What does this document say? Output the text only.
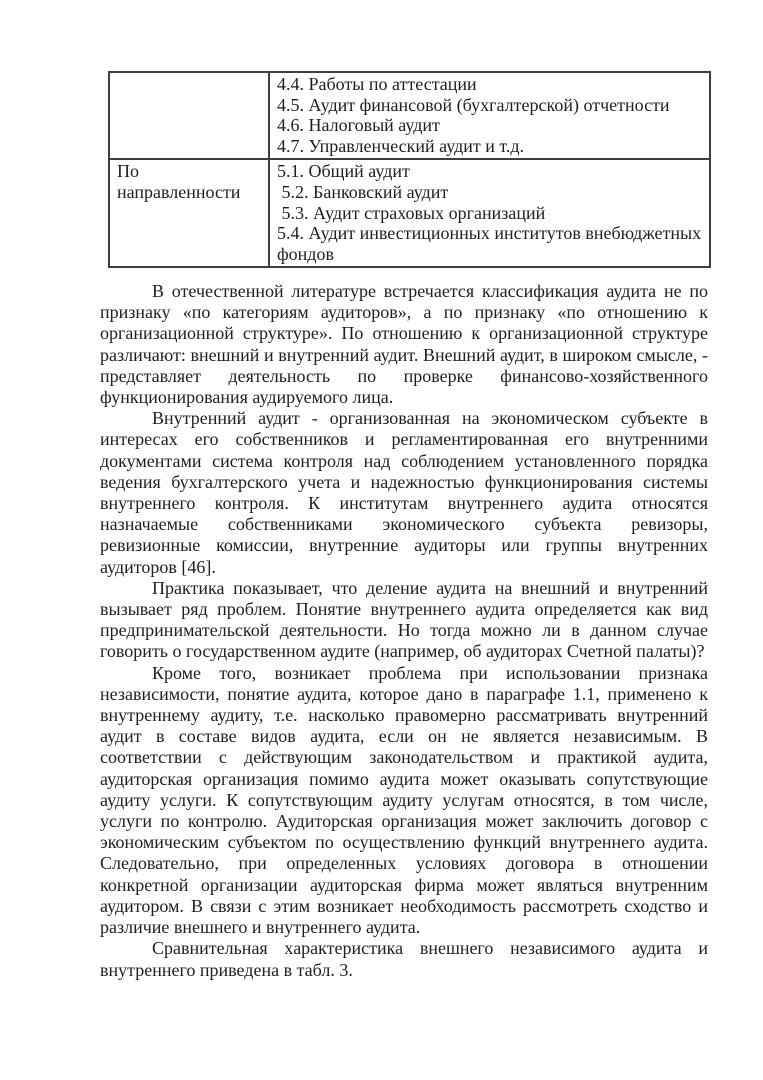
	4.4. Работы по аттестации
4.5. Аудит финансовой (бухгалтерской) отчетности
4.6. Налоговый аудит
4.7. Управленческий аудит и т.д.

По направленности	5.1. Общий аудит
5.2. Банковский аудит
5.3. Аудит страховых организаций
5.4. Аудит инвестиционных институтов внебюджетных фондов

В отечественной литературе встречается классификация аудита не по признаку «по категориям аудиторов», а по признаку «по отношению к организационной структуре». По отношению к организационной структуре различают: внешний и внутренний аудит. Внешний аудит, в широком смысле, - представляет деятельность по проверке финансово-хозяйственного функционирования аудируемого лица.

Внутренний аудит - организованная на экономическом субъекте в интересах его собственников и регламентированная его внутренними документами система контроля над соблюдением установленного порядка ведения бухгалтерского учета и надежностью функционирования системы внутреннего контроля. К институтам внутреннего аудита относятся назначаемые собственниками экономического субъекта ревизоры, ревизионные комиссии, внутренние аудиторы или группы внутренних аудиторов [46].

Практика показывает, что деление аудита на внешний и внутренний вызывает ряд проблем. Понятие внутреннего аудита определяется как вид предпринимательской деятельности. Но тогда можно ли в данном случае говорить о государственном аудите (например, об аудиторах Счетной палаты)?

Кроме того, возникает проблема при использовании признака независимости, понятие аудита, которое дано в параграфе 1.1, применено к внутреннему аудиту, т.е. насколько правомерно рассматривать внутренний аудит в составе видов аудита, если он не является независимым. В соответствии с действующим законодательством и практикой аудита, аудиторская организация помимо аудита может оказывать сопутствующие аудиту услуги. К сопутствующим аудиту услугам относятся, в том числе, услуги по контролю. Аудиторская организация может заключить договор с экономическим субъектом по осуществлению функций внутреннего аудита. Следовательно, при определенных условиях договора в отношении конкретной организации аудиторская фирма может являться внутренним аудитором. В связи с этим возникает необходимость рассмотреть сходство и различие внешнего и внутреннего аудита.

Сравнительная характеристика внешнего независимого аудита и внутреннего приведена в табл. 3.
